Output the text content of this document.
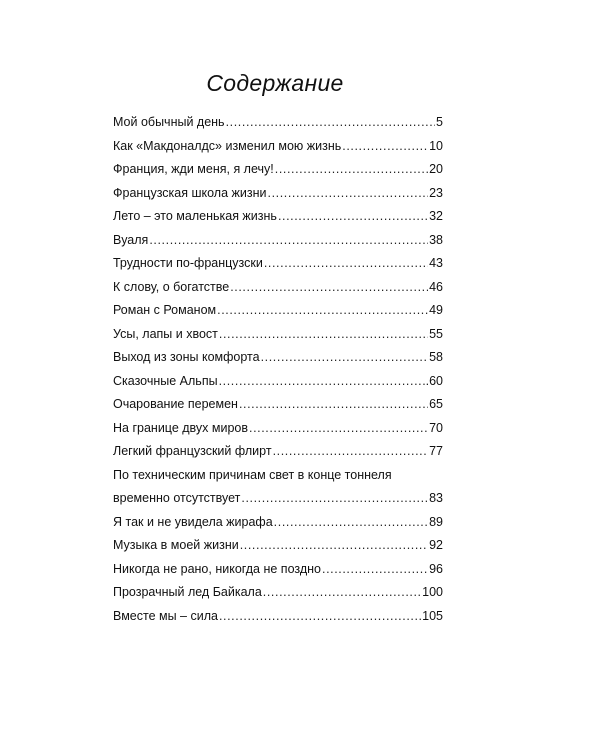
Содержание
Мой обычный день .....	5
Как «Макдоналдс» изменил мою жизнь .....	10
Франция, жди меня, я лечу! .....	20
Французская школа жизни .....	23
Лето – это маленькая жизнь .....	32
Вуаля .....	38
Трудности по-французски .....	43
К слову, о богатстве .....	46
Роман с Романом .....	49
Усы, лапы и хвост .....	55
Выход из зоны комфорта .....	58
Сказочные Альпы .....	.60
Очарование перемен .....	65
На границе двух миров .....	70
Легкий французский флирт .....	77
По техническим причинам свет в конце тоннеля
временно отсутствует .....	83
Я так и не увидела жирафа .....	89
Музыка в моей жизни .....	92
Никогда не рано, никогда не поздно .....	96
Прозрачный лед Байкала .....	100
Вместе мы – сила .....	105
